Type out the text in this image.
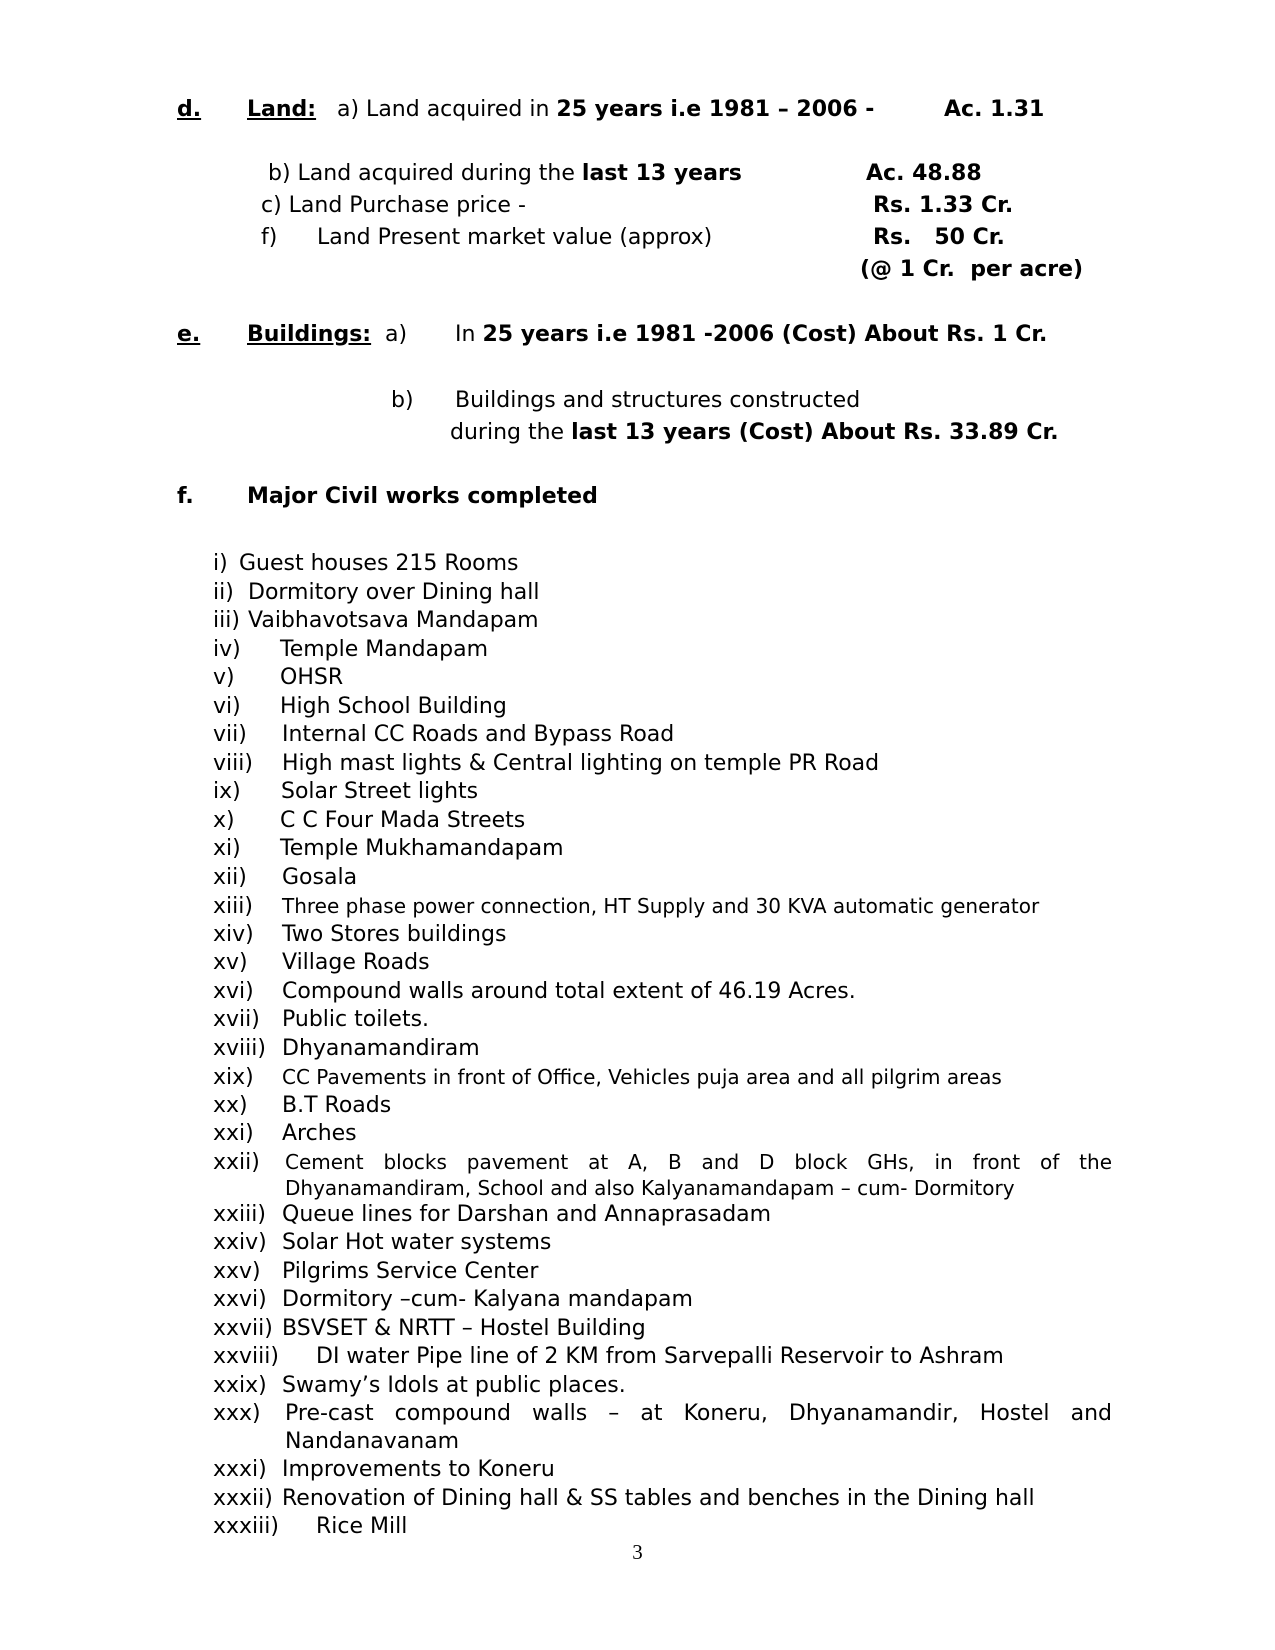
d. Land: a) Land acquired in 25 years i.e 1981 – 2006 -	Ac. 1.31
b) Land acquired during the last 13 years	Ac. 48.88
c) Land Purchase price -	Rs. 1.33 Cr.
f) Land Present market value (approx)	Rs.   50 Cr.
(@ 1 Cr.  per acre)
e. Buildings: a) In 25 years i.e 1981 -2006 (Cost) About Rs. 1 Cr.
b) Buildings and structures constructed
during the last 13 years (Cost) About Rs. 33.89 Cr.
f. Major Civil works completed
i) Guest houses 215 Rooms
ii) Dormitory over Dining hall
iii) Vaibhavotsava Mandapam
iv) Temple Mandapam
v) OHSR
vi) High School Building
vii) Internal CC Roads and Bypass Road
viii) High mast lights & Central lighting on temple PR Road
ix) Solar Street lights
x) C C Four Mada Streets
xi) Temple Mukhamandapam
xii) Gosala
xiii) Three phase power connection, HT Supply and 30 KVA automatic generator
xiv) Two Stores buildings
xv) Village Roads
xvi) Compound walls around total extent of 46.19 Acres.
xvii) Public toilets.
xviii) Dhyanamandiram
xix) CC Pavements in front of Office, Vehicles puja area and all pilgrim areas
xx) B.T Roads
xxi) Arches
xxii) Cement blocks pavement at A, B and D block GHs, in front of the Dhyanamandiram, School and also Kalyanamandapam – cum- Dormitory
xxiii) Queue lines for Darshan and Annaprasadam
xxiv) Solar Hot water systems
xxv) Pilgrims Service Center
xxvi) Dormitory –cum- Kalyana mandapam
xxvii) BSVSET & NRTT – Hostel Building
xxviii) DI water Pipe line of 2 KM from Sarvepalli Reservoir to Ashram
xxix) Swamy’s Idols at public places.
xxx) Pre-cast compound walls – at Koneru, Dhyanamandir, Hostel and Nandanavanam
xxxi) Improvements to Koneru
xxxii) Renovation of Dining hall & SS tables and benches in the Dining hall
xxxiii) Rice Mill
3
